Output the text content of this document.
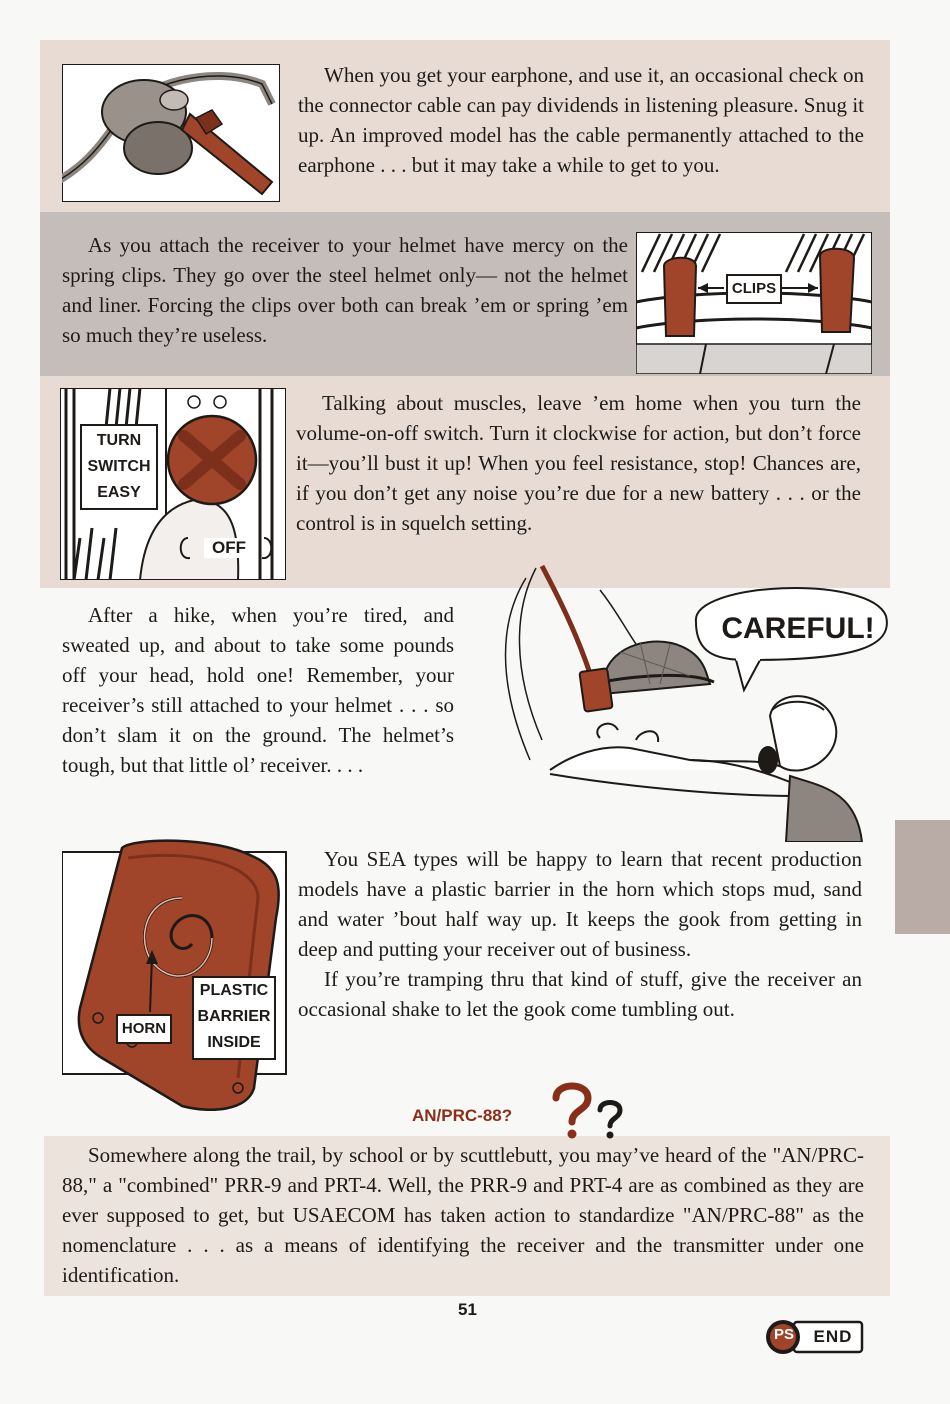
CLIPS
TURN
SWITCH
EASY
OFF
CAREFUL!
HORN
PLASTIC
BARRIER
INSIDE

When you get your earphone, and use it, an occasional check on the connector cable can pay dividends in listening pleasure. Snug it up. An improved model has the cable permanently attached to the earphone . . . but it may take a while to get to you.

As you attach the receiver to your helmet have mercy on the spring clips. They go over the steel helmet only— not the helmet and liner. Forcing the clips over both can break ’em or spring ’em so much they’re useless.

Talking about muscles, leave ’em home when you turn the volume-on-off switch. Turn it clockwise for action, but don’t force it—you’ll bust it up! When you feel resistance, stop! Chances are, if you don’t get any noise you’re due for a new battery . . . or the control is in squelch setting.

After a hike, when you’re tired, and sweated up, and about to take some pounds off your head, hold one! Remember, your receiver’s still attached to your helmet . . . so don’t slam it on the ground. The helmet’s tough, but that little ol’ receiver. . . .

You SEA types will be happy to learn that recent production models have a plastic barrier in the horn which stops mud, sand and water ’bout half way up. It keeps the gook from getting in deep and putting your receiver out of business.

If you’re tramping thru that kind of stuff, give the receiver an occasional shake to let the gook come tumbling out.

AN/PRC-88?

Somewhere along the trail, by school or by scuttlebutt, you may’ve heard of the "AN/PRC-88," a "combined" PRR-9 and PRT-4. Well, the PRR-9 and PRT-4 are as combined as they are ever supposed to get, but USAECOM has taken action to standardize "AN/PRC-88" as the nomenclature . . . as a means of identifying the receiver and the transmitter under one identification.

51
PS	END
